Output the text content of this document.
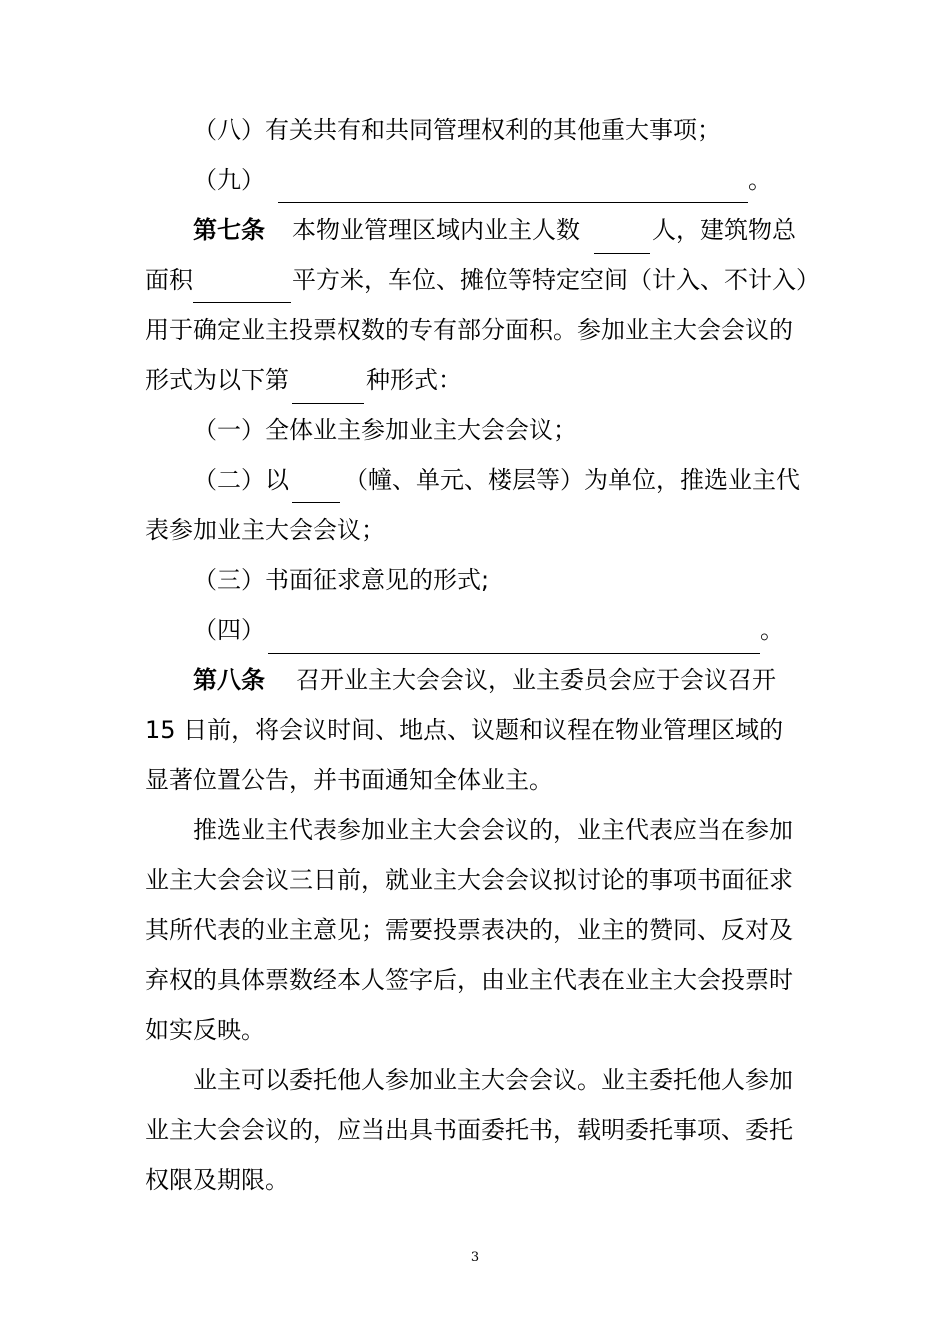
（八）有关共有和共同管理权利的其他重大事项；
（九）	。
第七条 本物业管理区域内业主人数	人，建筑物总
面积	平方米，车位、摊位等特定空间（计入、不计入）
用于确定业主投票权数的专有部分面积。参加业主大会会议的
形式为以下第	种形式：
（一）全体业主参加业主大会会议；
（二）以 （幢、单元、楼层等）为单位，推选业主代
表参加业主大会会议；
（三）书面征求意见的形式;
（四）	。
第八条 召开业主大会会议，业主委员会应于会议召开
15 日前，将会议时间、地点、议题和议程在物业管理区域的
显著位置公告，并书面通知全体业主。
推选业主代表参加业主大会会议的，业主代表应当在参加
业主大会会议三日前，就业主大会会议拟讨论的事项书面征求
其所代表的业主意见；需要投票表决的，业主的赞同、反对及
弃权的具体票数经本人签字后，由业主代表在业主大会投票时
如实反映。
业主可以委托他人参加业主大会会议。业主委托他人参加
业主大会会议的，应当出具书面委托书，载明委托事项、委托
权限及期限。
3
